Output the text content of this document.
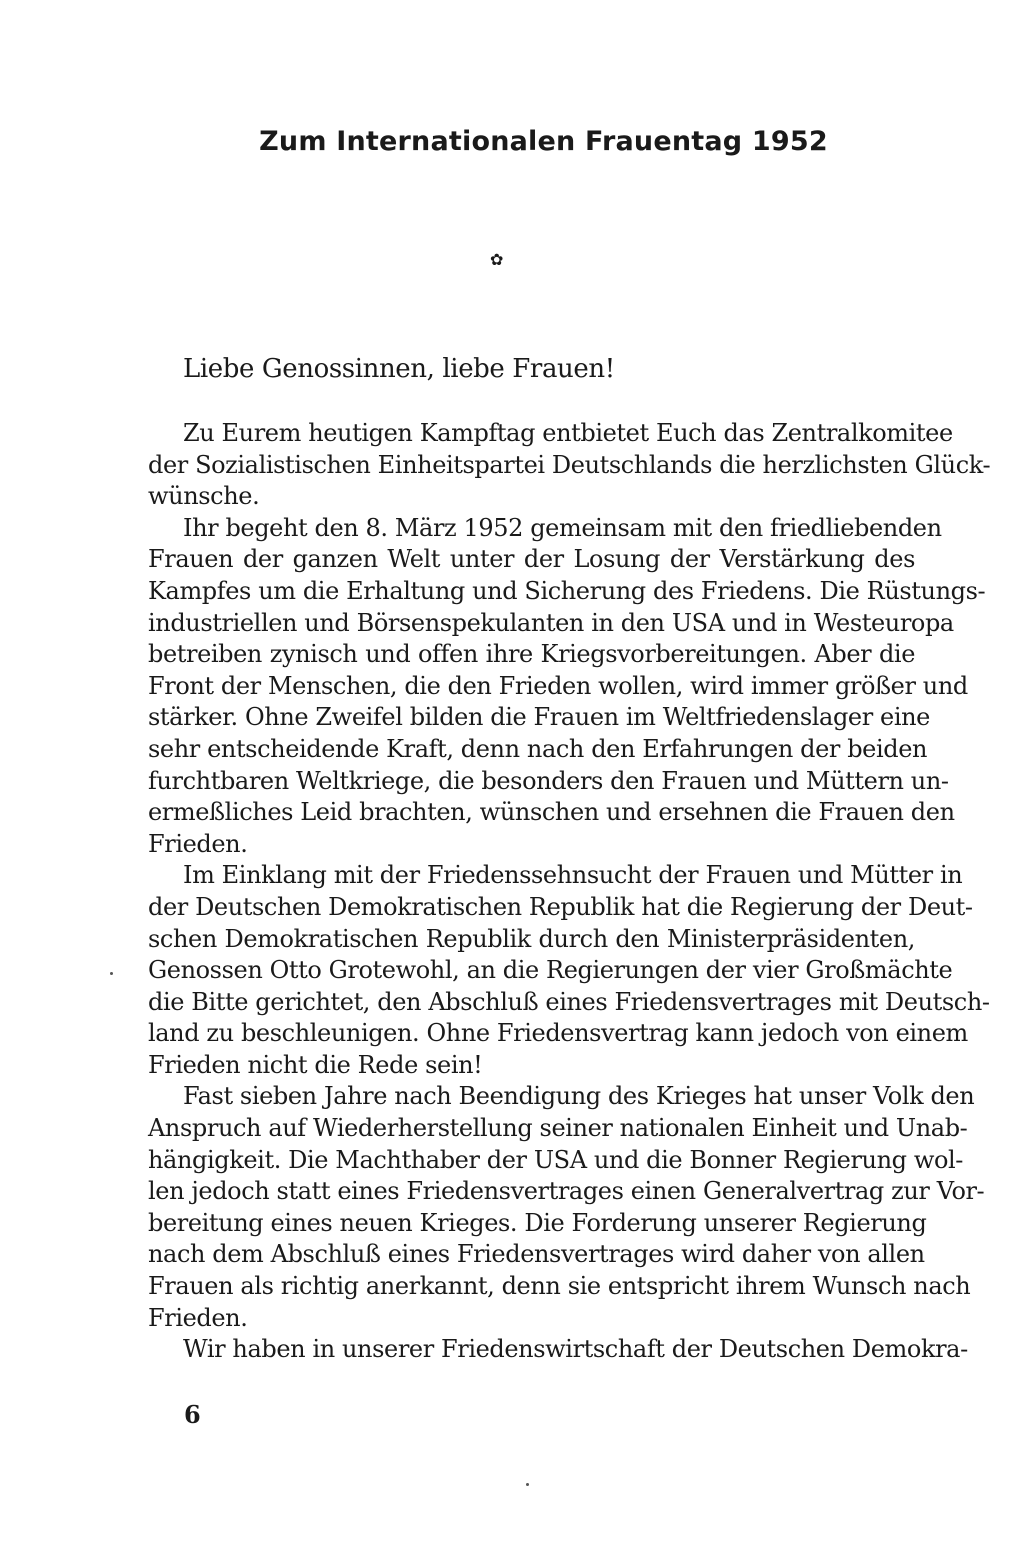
Zum Internationalen Frauentag 1952
✿

Liebe Genossinnen, liebe Frauen!

Zu Eurem heutigen Kampftag entbietet Euch das Zentralkomitee
der Sozialistischen Einheitspartei Deutschlands die herzlichsten Glück-
wünsche.

Ihr begeht den 8. März 1952 gemeinsam mit den friedliebenden
Frauen der ganzen Welt unter der Losung der Verstärkung des
Kampfes um die Erhaltung und Sicherung des Friedens. Die Rüstungs-
industriellen und Börsenspekulanten in den USA und in Westeuropa
betreiben zynisch und offen ihre Kriegsvorbereitungen. Aber die
Front der Menschen, die den Frieden wollen, wird immer größer und
stärker. Ohne Zweifel bilden die Frauen im Weltfriedenslager eine
sehr entscheidende Kraft, denn nach den Erfahrungen der beiden
furchtbaren Weltkriege, die besonders den Frauen und Müttern un-
ermeßliches Leid brachten, wünschen und ersehnen die Frauen den
Frieden.

Im Einklang mit der Friedenssehnsucht der Frauen und Mütter in
der Deutschen Demokratischen Republik hat die Regierung der Deut-
schen Demokratischen Republik durch den Ministerpräsidenten,
Genossen Otto Grotewohl, an die Regierungen der vier Großmächte
die Bitte gerichtet, den Abschluß eines Friedensvertrages mit Deutsch-
land zu beschleunigen. Ohne Friedensvertrag kann jedoch von einem
Frieden nicht die Rede sein!

Fast sieben Jahre nach Beendigung des Krieges hat unser Volk den
Anspruch auf Wiederherstellung seiner nationalen Einheit und Unab-
hängigkeit. Die Machthaber der USA und die Bonner Regierung wol-
len jedoch statt eines Friedensvertrages einen Generalvertrag zur Vor-
bereitung eines neuen Krieges. Die Forderung unserer Regierung
nach dem Abschluß eines Friedensvertrages wird daher von allen
Frauen als richtig anerkannt, denn sie entspricht ihrem Wunsch nach
Frieden.

Wir haben in unserer Friedenswirtschaft der Deutschen Demokra-

6
